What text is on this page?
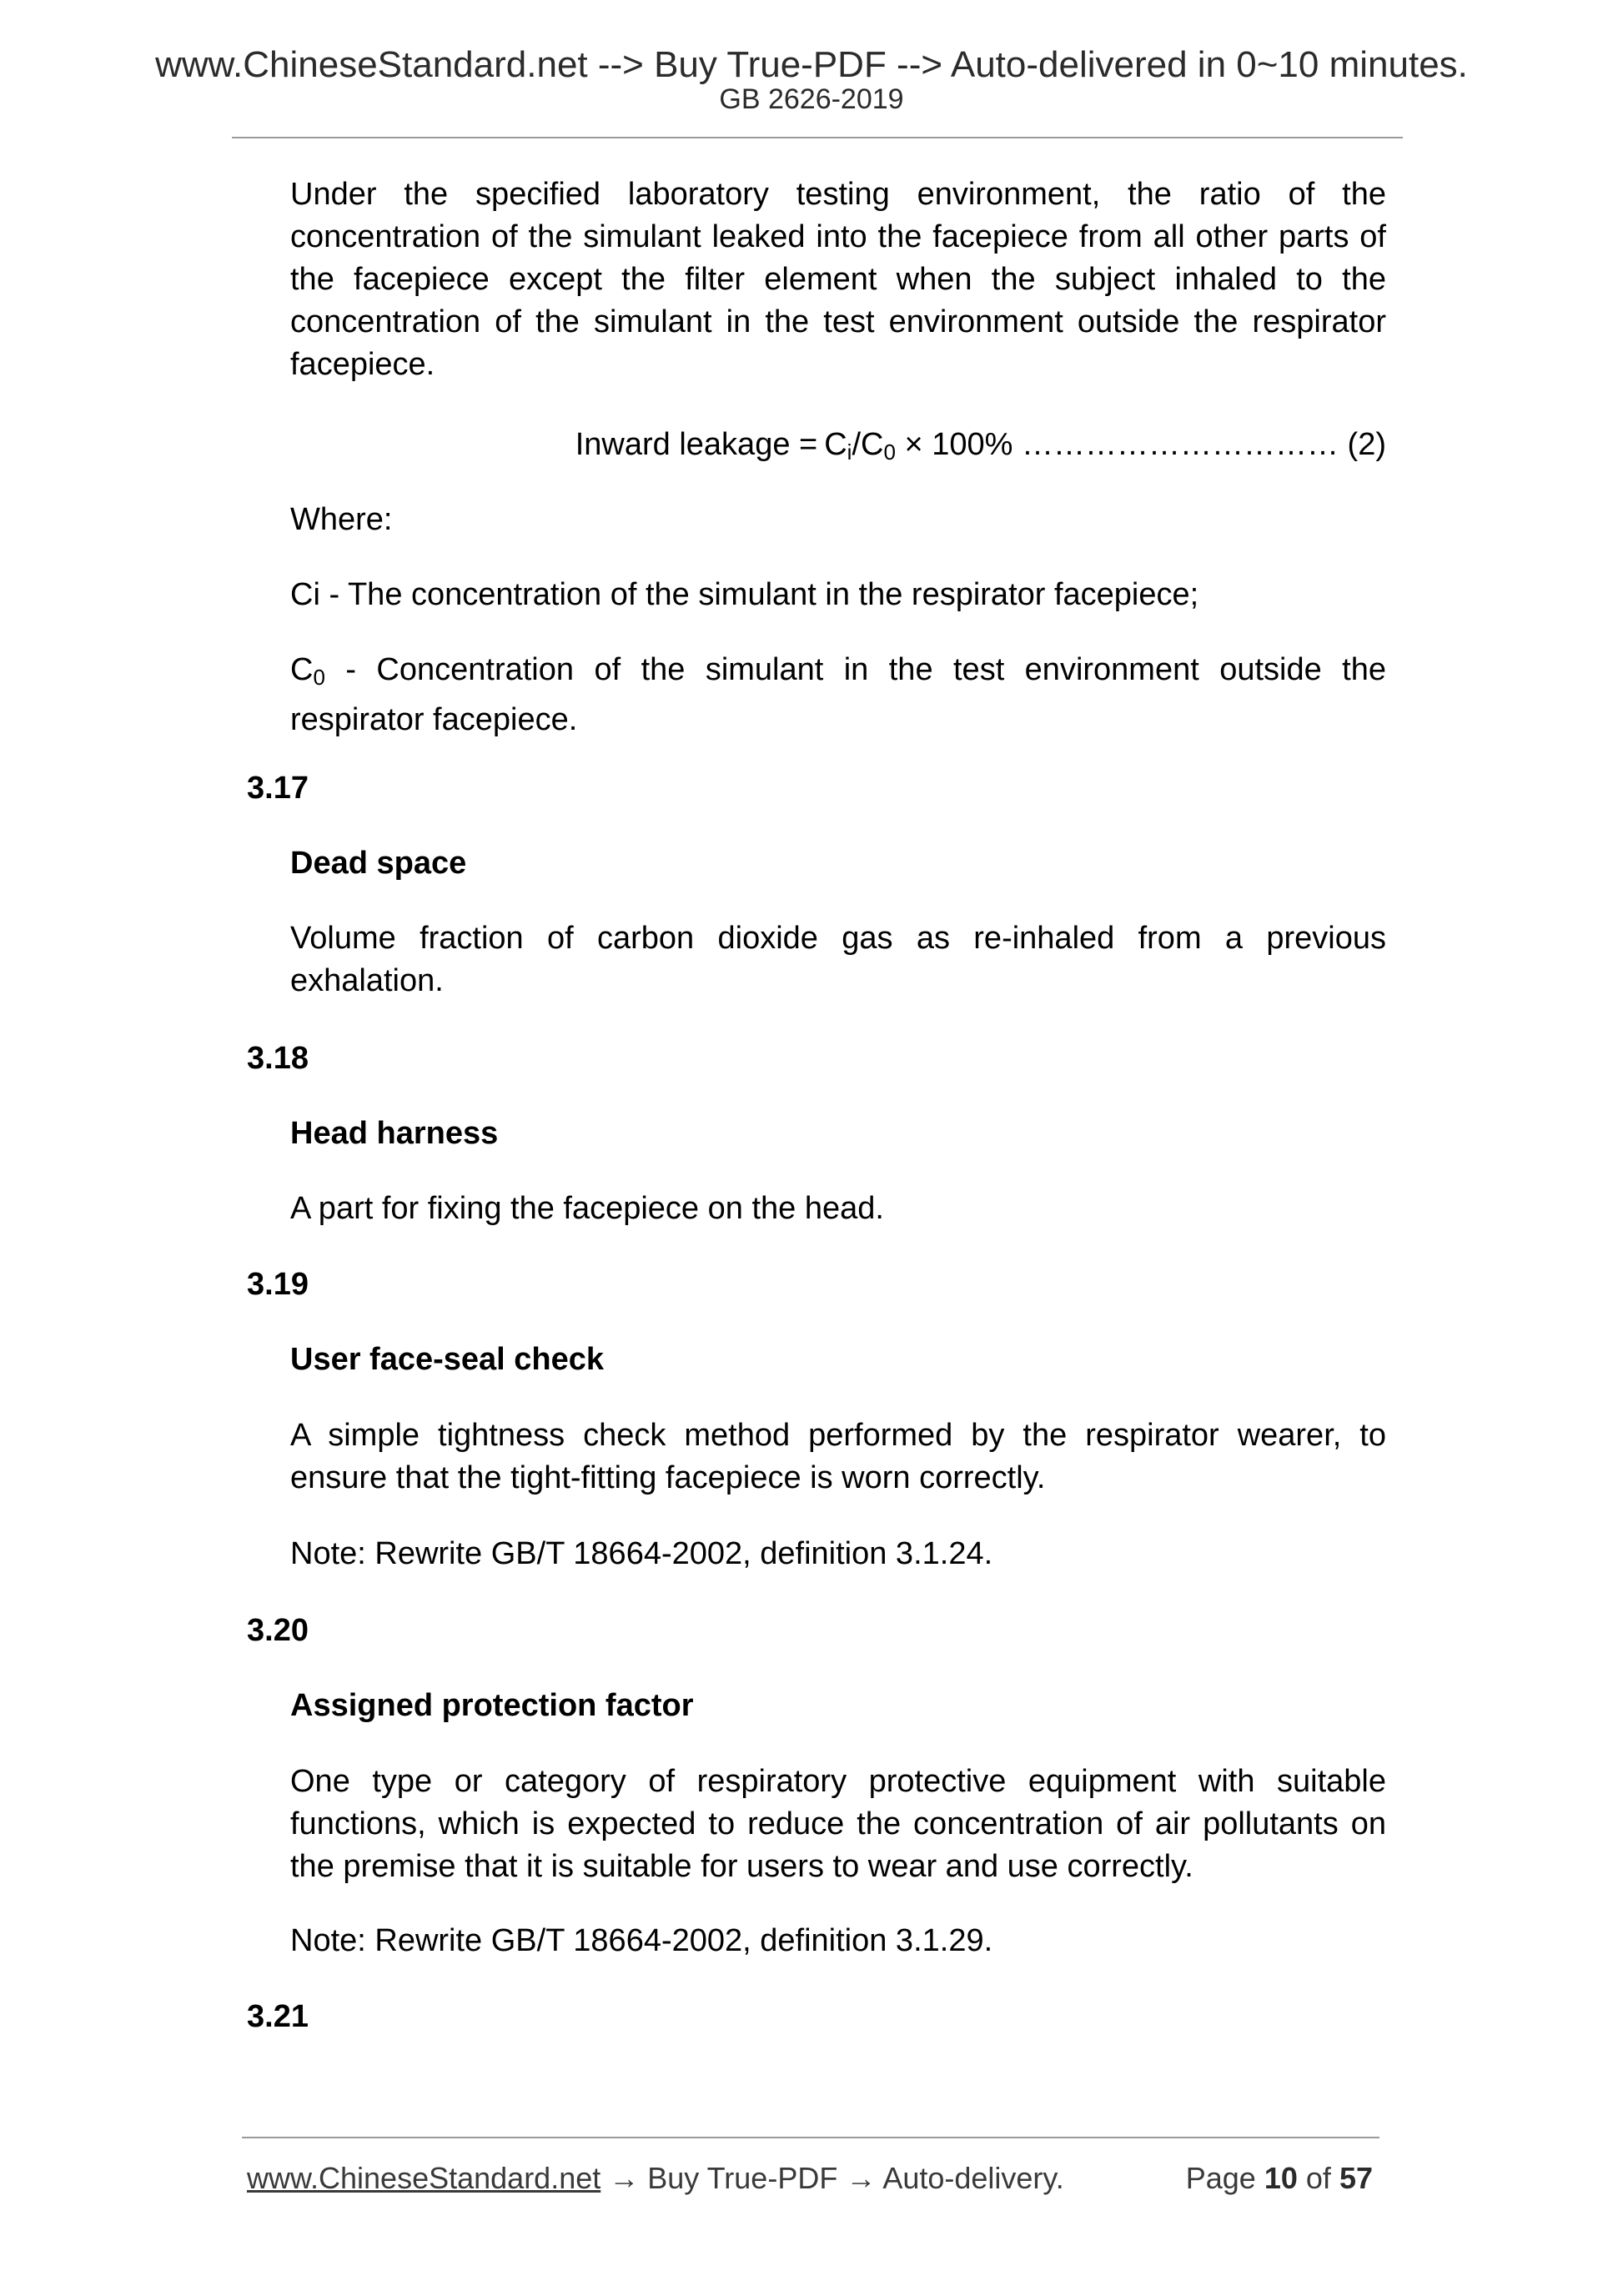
www.ChineseStandard.net --> Buy True-PDF --> Auto-delivered in 0~10 minutes.
GB 2626-2019

Under the specified laboratory testing environment, the ratio of the concentration of the simulant leaked into the facepiece from all other parts of the facepiece except the filter element when the subject inhaled to the concentration of the simulant in the test environment outside the respirator facepiece.

Inward leakage = $C_i/C_0 \times 100\%$ ………………………… (2)

Where:

Ci - The concentration of the simulant in the respirator facepiece;

$C_0$ - Concentration of the simulant in the test environment outside the respirator facepiece.

3.17

Dead space

Volume fraction of carbon dioxide gas as re-inhaled from a previous exhalation.

3.18

Head harness

A part for fixing the facepiece on the head.

3.19

User face-seal check

A simple tightness check method performed by the respirator wearer, to ensure that the tight-fitting facepiece is worn correctly.

Note: Rewrite GB/T 18664-2002, definition 3.1.24.

3.20

Assigned protection factor

One type or category of respiratory protective equipment with suitable functions, which is expected to reduce the concentration of air pollutants on the premise that it is suitable for users to wear and use correctly.

Note: Rewrite GB/T 18664-2002, definition 3.1.29.

3.21
www.ChineseStandard.net → Buy True-PDF → Auto-delivery.	Page 10 of 57
